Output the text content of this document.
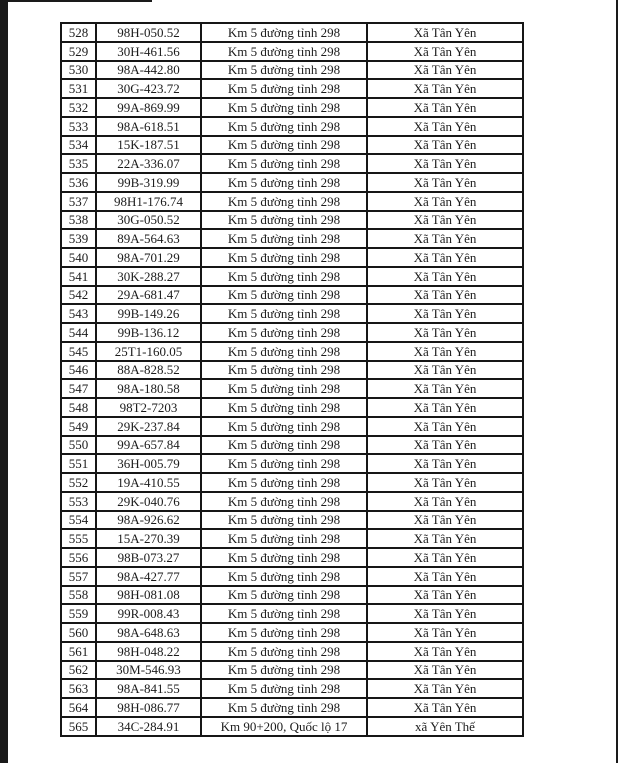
528	98H-050.52	Km 5 đường tỉnh 298	Xã Tân Yên
529	30H-461.56	Km 5 đường tỉnh 298	Xã Tân Yên
530	98A-442.80	Km 5 đường tỉnh 298	Xã Tân Yên
531	30G-423.72	Km 5 đường tỉnh 298	Xã Tân Yên
532	99A-869.99	Km 5 đường tỉnh 298	Xã Tân Yên
533	98A-618.51	Km 5 đường tỉnh 298	Xã Tân Yên
534	15K-187.51	Km 5 đường tỉnh 298	Xã Tân Yên
535	22A-336.07	Km 5 đường tỉnh 298	Xã Tân Yên
536	99B-319.99	Km 5 đường tỉnh 298	Xã Tân Yên
537	98H1-176.74	Km 5 đường tỉnh 298	Xã Tân Yên
538	30G-050.52	Km 5 đường tỉnh 298	Xã Tân Yên
539	89A-564.63	Km 5 đường tỉnh 298	Xã Tân Yên
540	98A-701.29	Km 5 đường tỉnh 298	Xã Tân Yên
541	30K-288.27	Km 5 đường tỉnh 298	Xã Tân Yên
542	29A-681.47	Km 5 đường tỉnh 298	Xã Tân Yên
543	99B-149.26	Km 5 đường tỉnh 298	Xã Tân Yên
544	99B-136.12	Km 5 đường tỉnh 298	Xã Tân Yên
545	25T1-160.05	Km 5 đường tỉnh 298	Xã Tân Yên
546	88A-828.52	Km 5 đường tỉnh 298	Xã Tân Yên
547	98A-180.58	Km 5 đường tỉnh 298	Xã Tân Yên
548	98T2-7203	Km 5 đường tỉnh 298	Xã Tân Yên
549	29K-237.84	Km 5 đường tỉnh 298	Xã Tân Yên
550	99A-657.84	Km 5 đường tỉnh 298	Xã Tân Yên
551	36H-005.79	Km 5 đường tỉnh 298	Xã Tân Yên
552	19A-410.55	Km 5 đường tỉnh 298	Xã Tân Yên
553	29K-040.76	Km 5 đường tỉnh 298	Xã Tân Yên
554	98A-926.62	Km 5 đường tỉnh 298	Xã Tân Yên
555	15A-270.39	Km 5 đường tỉnh 298	Xã Tân Yên
556	98B-073.27	Km 5 đường tỉnh 298	Xã Tân Yên
557	98A-427.77	Km 5 đường tỉnh 298	Xã Tân Yên
558	98H-081.08	Km 5 đường tỉnh 298	Xã Tân Yên
559	99R-008.43	Km 5 đường tỉnh 298	Xã Tân Yên
560	98A-648.63	Km 5 đường tỉnh 298	Xã Tân Yên
561	98H-048.22	Km 5 đường tỉnh 298	Xã Tân Yên
562	30M-546.93	Km 5 đường tỉnh 298	Xã Tân Yên
563	98A-841.55	Km 5 đường tỉnh 298	Xã Tân Yên
564	98H-086.77	Km 5 đường tỉnh 298	Xã Tân Yên
565	34C-284.91	Km 90+200, Quốc lộ 17	xã Yên Thế
